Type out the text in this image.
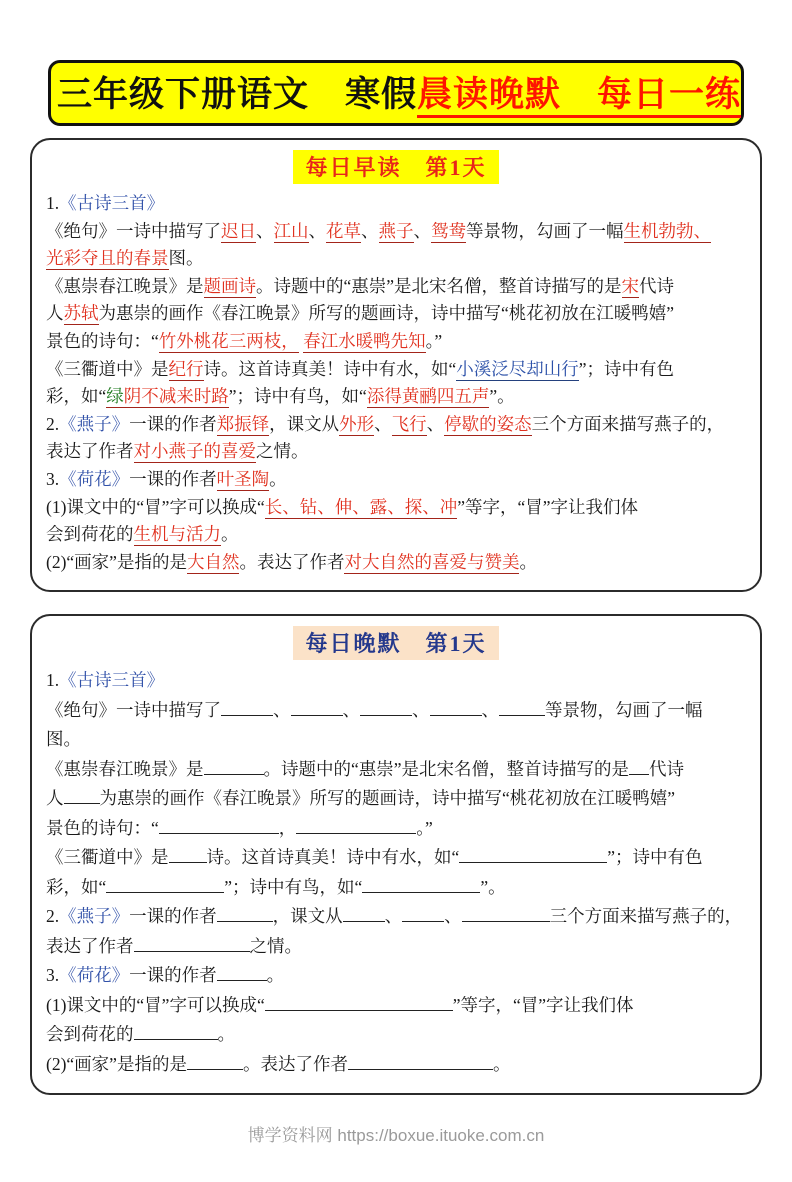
三年级下册语文　寒假晨读晚默　每日一练
每日早读　第1天
1.《古诗三首》
《绝句》一诗中描写了迟日、江山、花草、燕子、鸳鸯等景物，勾画了一幅生机勃勃、
光彩夺且的春景图。
《惠崇春江晚景》是题画诗。诗题中的“惠崇”是北宋名僧，整首诗描写的是宋代诗
人苏轼为惠崇的画作《春江晚景》所写的题画诗，诗中描写“桃花初放在江暖鸭嬉”
景色的诗句：“竹外桃花三两枝， 春江水暖鸭先知。”
《三衢道中》是纪行诗。这首诗真美！诗中有水，如“小溪泛尽却山行”；诗中有色
彩，如“绿阴不减来时路”；诗中有鸟，如“添得黄鹂四五声”。
2.《燕子》一课的作者郑振铎，课文从外形、飞行、停歇的姿态三个方面来描写燕子的，
表达了作者对小燕子的喜爱之情。
3.《荷花》一课的作者叶圣陶。
(1)课文中的“冒”字可以换成“长、钻、伸、露、探、冲”等字，“冒”字让我们体
会到荷花的生机与活力。
(2)“画家”是指的是大自然。表达了作者对大自然的喜爱与赞美。
每日晚默　第1天
1.《古诗三首》
《绝句》一诗中描写了	、	、	、	、	等景物，勾画了一幅
图。
《惠崇春江晚景》是	。诗题中的“惠崇”是北宋名僧，整首诗描写的是 代诗
人 为惠崇的画作《春江晚景》所写的题画诗，诗中描写“桃花初放在江暖鸭嬉”
景色的诗句：“	，	。”
《三衢道中》是 诗。这首诗真美！诗中有水，如“	”；诗中有色
彩，如“	”；诗中有鸟，如“	”。
2.《燕子》一课的作者	，课文从 、 、	三个方面来描写燕子的，
表达了作者	之情。
3.《荷花》一课的作者	。
(1)课文中的“冒”字可以换成“	”等字，“冒”字让我们体
会到荷花的	。
(2)“画家”是指的是	。表达了作者	。
博学资料网 https://boxue.ituoke.com.cn
